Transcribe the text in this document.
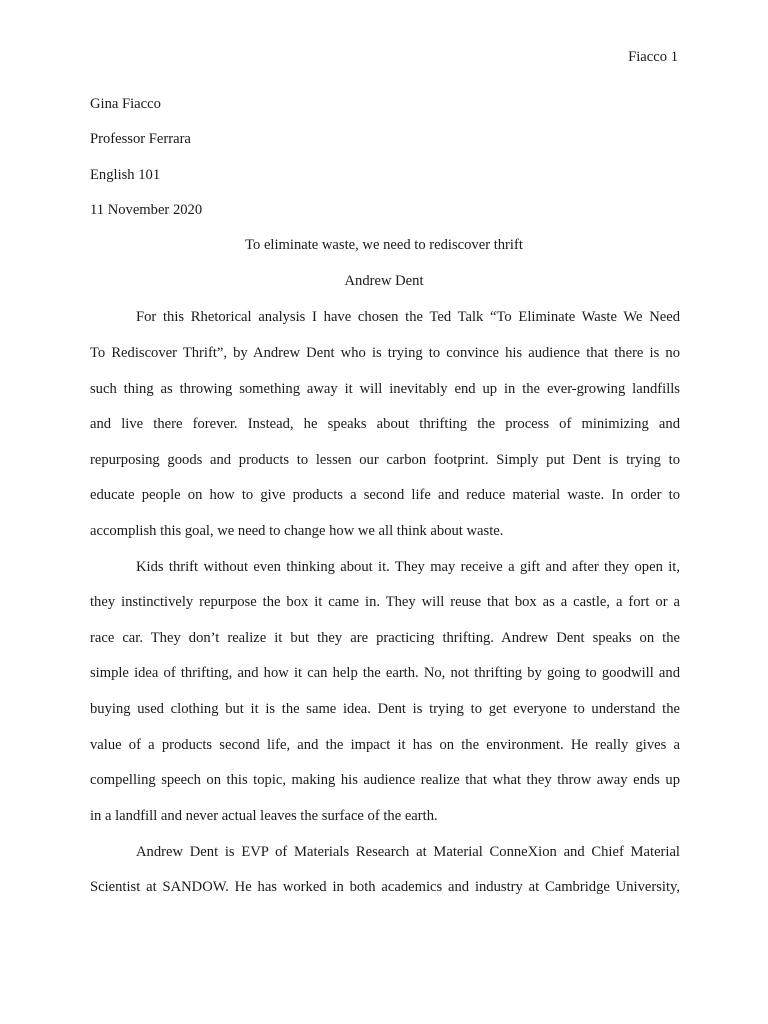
Fiacco 1
Gina Fiacco
Professor Ferrara
English 101
11 November 2020
To eliminate waste, we need to rediscover thrift
Andrew Dent
For this Rhetorical analysis I have chosen the Ted Talk “To Eliminate Waste We Need
To Rediscover Thrift”, by Andrew Dent who is trying to convince his audience that there is no
such thing as throwing something away it will inevitably end up in the ever-growing landfills
and live there forever. Instead, he speaks about thrifting the process of minimizing and
repurposing goods and products to lessen our carbon footprint. Simply put Dent is trying to
educate people on how to give products a second life and reduce material waste. In order to
accomplish this goal, we need to change how we all think about waste.
Kids thrift without even thinking about it. They may receive a gift and after they open it,
they instinctively repurpose the box it came in. They will reuse that box as a castle, a fort or a
race car. They don’t realize it but they are practicing thrifting. Andrew Dent speaks on the
simple idea of thrifting, and how it can help the earth. No, not thrifting by going to goodwill and
buying used clothing but it is the same idea. Dent is trying to get everyone to understand the
value of a products second life, and the impact it has on the environment. He really gives a
compelling speech on this topic, making his audience realize that what they throw away ends up
in a landfill and never actual leaves the surface of the earth.
Andrew Dent is EVP of Materials Research at Material ConneXion and Chief Material
Scientist at SANDOW. He has worked in both academics and industry at Cambridge University,
